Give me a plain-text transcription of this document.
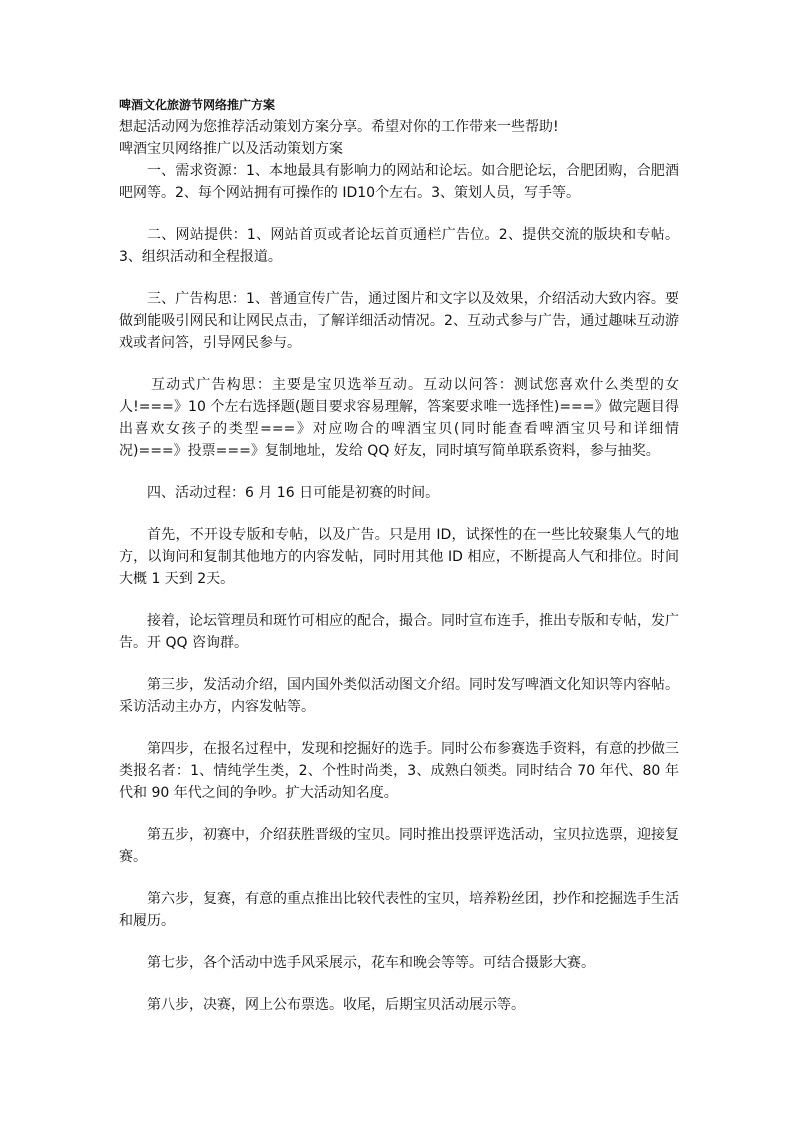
啤酒文化旅游节网络推广方案

想起活动网为您推荐活动策划方案分享。希望对你的工作带来一些帮助!

啤酒宝贝网络推广以及活动策划方案

一、需求资源：1、本地最具有影响力的网站和论坛。如合肥论坛，合肥团购，合肥酒吧网等。2、每个网站拥有可操作的 ID10个左右。3、策划人员，写手等。

二、网站提供：1、网站首页或者论坛首页通栏广告位。2、提供交流的版块和专帖。3、组织活动和全程报道。

三、广告构思：1、普通宣传广告，通过图片和文字以及效果，介绍活动大致内容。要做到能吸引网民和让网民点击，了解详细活动情况。2、互动式参与广告，通过趣味互动游戏或者问答，引导网民参与。

互动式广告构思：主要是宝贝选举互动。互动以问答：测试您喜欢什么类型的女人!===》10 个左右选择题(题目要求容易理解，答案要求唯一选择性)===》做完题目得出喜欢女孩子的类型===》对应吻合的啤酒宝贝(同时能查看啤酒宝贝号和详细情况)===》投票===》复制地址，发给 QQ 好友，同时填写简单联系资料，参与抽奖。

四、活动过程：6 月 16 日可能是初赛的时间。

首先，不开设专版和专帖，以及广告。只是用 ID，试探性的在一些比较聚集人气的地方，以询问和复制其他地方的内容发帖，同时用其他 ID 相应，不断提高人气和排位。时间大概 1 天到 2天。

接着，论坛管理员和斑竹可相应的配合，撮合。同时宣布连手，推出专版和专帖，发广告。开 QQ 咨询群。

第三步，发活动介绍，国内国外类似活动图文介绍。同时发写啤酒文化知识等内容帖。采访活动主办方，内容发帖等。

第四步，在报名过程中，发现和挖掘好的选手。同时公布参赛选手资料，有意的抄做三类报名者：1、情纯学生类，2、个性时尚类，3、成熟白领类。同时结合 70 年代、80 年代和 90 年代之间的争吵。扩大活动知名度。

第五步，初赛中，介绍获胜晋级的宝贝。同时推出投票评选活动，宝贝拉选票，迎接复赛。

第六步，复赛，有意的重点推出比较代表性的宝贝，培养粉丝团，抄作和挖掘选手生活和履历。

第七步，各个活动中选手风采展示，花车和晚会等等。可结合摄影大赛。

第八步，决赛，网上公布票选。收尾，后期宝贝活动展示等。
